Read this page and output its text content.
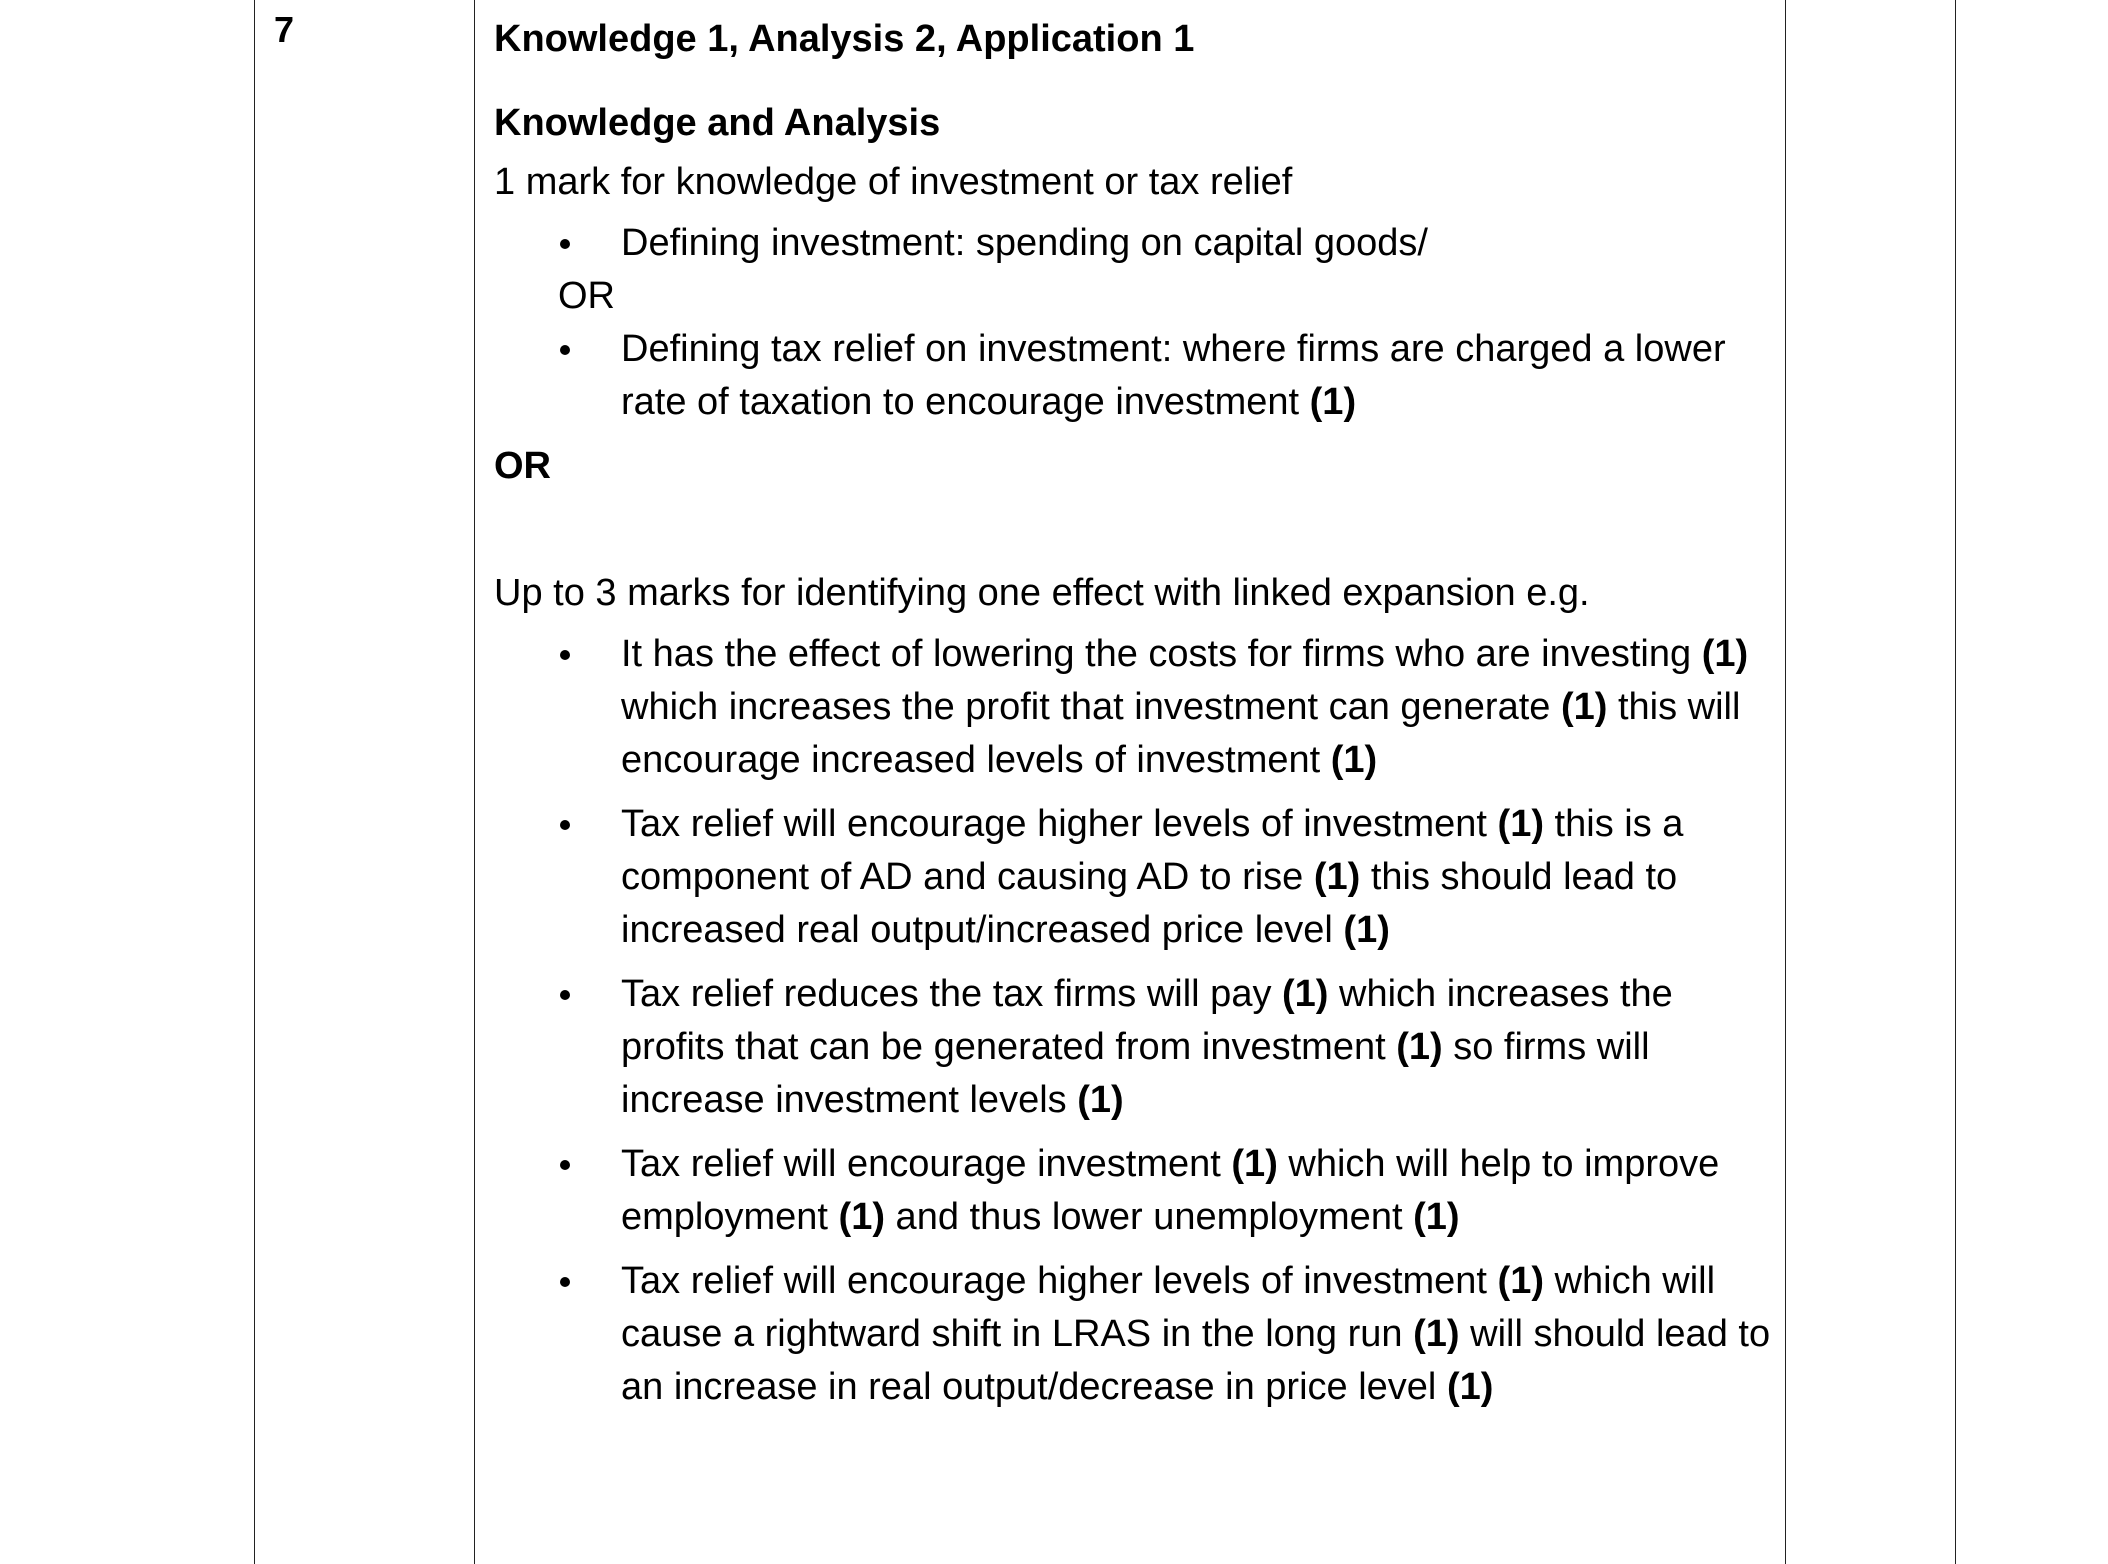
7	Knowledge 1, Analysis 2, Application 1

Knowledge and Analysis

1 mark for knowledge of investment or tax relief

Defining investment: spending on capital goods/

OR

Defining tax relief on investment: where firms are charged a lower rate of taxation to encourage investment (1)

OR

Up to 3 marks for identifying one effect with linked expansion e.g.

It has the effect of lowering the costs for firms who are investing (1) which increases the profit that investment can generate (1) this will encourage increased levels of investment (1)
Tax relief will encourage higher levels of investment (1) this is a component of AD and causing AD to rise (1) this should lead to increased real output/increased price level (1)
Tax relief reduces the tax firms will pay (1) which increases the profits that can be generated from investment (1) so firms will increase investment levels (1)
Tax relief will encourage investment (1) which will help to improve employment (1) and thus lower unemployment (1)
Tax relief will encourage higher levels of investment (1) which will cause a rightward shift in LRAS in the long run (1) will should lead to an increase in real output/decrease in price level (1)
